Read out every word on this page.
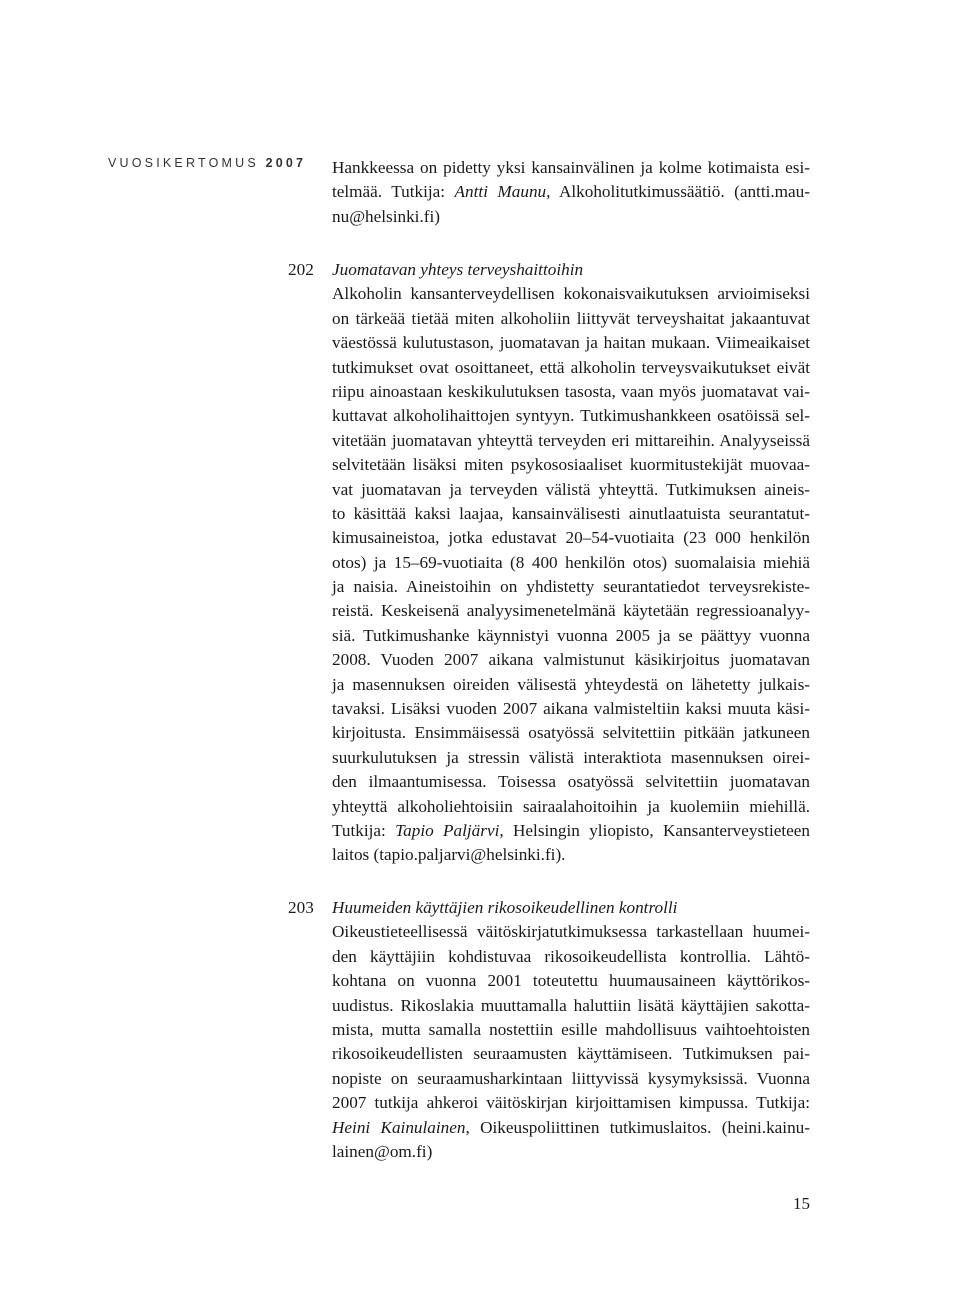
VUOSIKERTOMUS 2007 Hankkeessa on pidetty yksi kansainvälinen ja kolme kotimaista esi-
telmää. Tutkija: Antti Maunu, Alkoholitutkimussäätiö. (antti.mau-
nu@helsinki.fi)
202 Juomatavan yhteys terveyshaittoihin
Alkoholin kansanterveydellisen kokonaisvaikutuksen arvioimiseksi
on tärkeää tietää miten alkoholiin liittyvät terveyshaitat jakaantuvat
väestössä kulutustason, juomatavan ja haitan mukaan. Viimeaikaiset
tutkimukset ovat osoittaneet, että alkoholin terveysvaikutukset eivät
riipu ainoastaan keskikulutuksen tasosta, vaan myös juomatavat vai-
kuttavat alkoholihaittojen syntyyn. Tutkimushankkeen osatöissä sel-
vitetään juomatavan yhteyttä terveyden eri mittareihin. Analyyseissä
selvitetään lisäksi miten psykososiaaliset kuormitustekijät muovaa-
vat juomatavan ja terveyden välistä yhteyttä. Tutkimuksen aineis-
to käsittää kaksi laajaa, kansainvälisesti ainutlaatuista seurantatut-
kimusaineistoa, jotka edustavat 20–54-vuotiaita (23 000 henkilön
otos) ja 15–69-vuotiaita (8 400 henkilön otos) suomalaisia miehiä
ja naisia. Aineistoihin on yhdistetty seurantatiedot terveysrekiste-
reistä. Keskeisenä analyysimenetelmänä käytetään regressioanalyy-
siä. Tutkimushanke käynnistyi vuonna 2005 ja se päättyy vuonna
2008. Vuoden 2007 aikana valmistunut käsikirjoitus juomatavan
ja masennuksen oireiden välisestä yhteydestä on lähetetty julkais-
tavaksi. Lisäksi vuoden 2007 aikana valmisteltiin kaksi muuta käsi-
kirjoitusta. Ensimmäisessä osatyössä selvitettiin pitkään jatkuneen
suurkulutuksen ja stressin välistä interaktiota masennuksen oirei-
den ilmaantumisessa. Toisessa osatyössä selvitettiin juomatavan
yhteyttä alkoholiehtoisiin sairaalahoitoihin ja kuolemiin miehillä.
Tutkija: Tapio Paljärvi, Helsingin yliopisto, Kansanterveystieteen
laitos (tapio.paljarvi@helsinki.fi).
203 Huumeiden käyttäjien rikosoikeudellinen kontrolli
Oikeustieteellisessä väitöskirjatutkimuksessa tarkastellaan huumei-
den käyttäjiin kohdistuvaa rikosoikeudellista kontrollia. Lähtö-
kohtana on vuonna 2001 toteutettu huumausaineen käyttörikos-
uudistus. Rikoslakia muuttamalla haluttiin lisätä käyttäjien sakotta-
mista, mutta samalla nostettiin esille mahdollisuus vaihtoehtoisten
rikosoikeudellisten seuraamusten käyttämiseen. Tutkimuksen pai-
nopiste on seuraamusharkintaan liittyvissä kysymyksissä. Vuonna
2007 tutkija ahkeroi väitöskirjan kirjoittamisen kimpussa. Tutkija:
Heini Kainulainen, Oikeuspoliittinen tutkimuslaitos. (heini.kainu-
lainen@om.fi)
15
